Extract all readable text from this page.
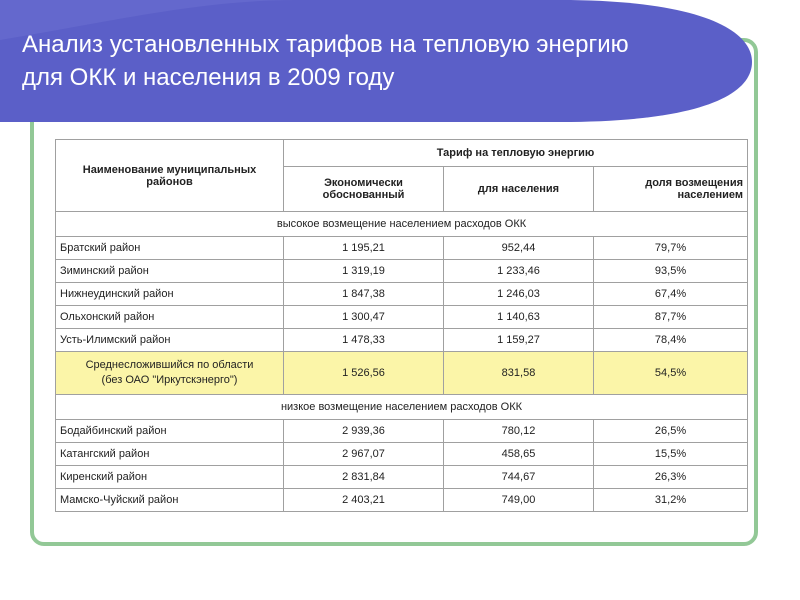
Анализ установленных тарифов на тепловую энергию
для ОКК и населения в 2009 году
Наименование муниципальных районов	Тариф на тепловую энергию		
	Экономически обоснованный	для населения	доля возмещения населением
высокое возмещение населением расходов ОКК			
Братский район	1 195,21	952,44	79,7%
Зиминский район	1 319,19	1 233,46	93,5%
Нижнеудинский район	1 847,38	1 246,03	67,4%
Ольхонский район	1 300,47	1 140,63	87,7%
Усть-Илимский район	1 478,33	1 159,27	78,4%

Среднесложившийся по области
(без ОАО "Иркутскэнерго")	1 526,56	831,58	54,5%
низкое возмещение населением расходов ОКК			
Бодайбинский район	2 939,36	780,12	26,5%
Катангский район	2 967,07	458,65	15,5%
Киренский район	2 831,84	744,67	26,3%
Мамско-Чуйский район	2 403,21	749,00	31,2%
